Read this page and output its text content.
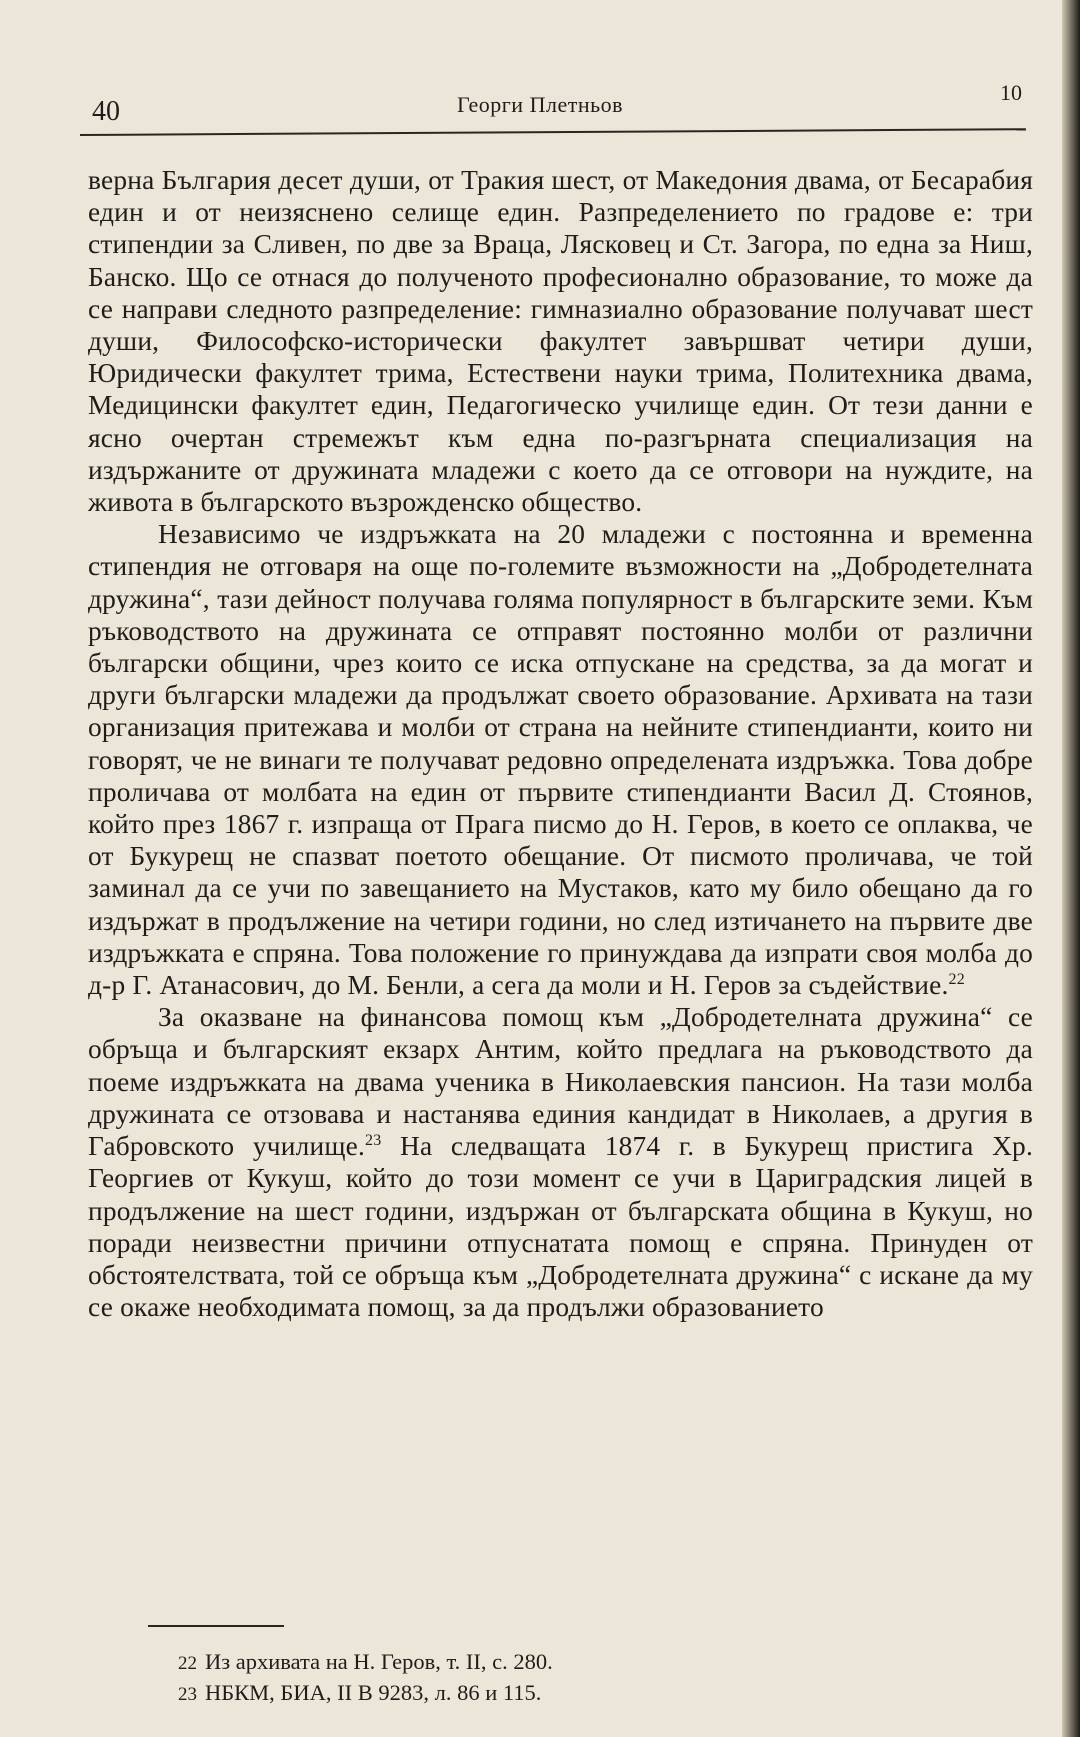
40	Георги Плетньов	10

верна България десет души, от Тракия шест, от Македония двама, от Бесарабия един и от неизяснено селище един. Разпределението по градове е: три стипендии за Сливен, по две за Враца, Лясковец и Ст. Загора, по една за Ниш, Банско. Що се отнася до полученото професионално образование, то може да се направи следното разпределение: гимназиално образование получават шест души, Философско-исторически факултет завършват четири души, Юридически факултет трима, Естествени науки трима, Политехника двама, Медицински факултет един, Педагогическо училище един. От тези данни е ясно очертан стремежът към една по-разгърната специализация на издържаните от дружината младежи с което да се отговори на нуждите, на живота в българското възрожденско общество.

Независимо че издръжката на 20 младежи с постоянна и временна стипендия не отговаря на още по-големите възможности на „Добродетелната дружина“, тази дейност получава голяма популярност в българските земи. Към ръководството на дружината се отправят постоянно молби от различни български общини, чрез които се иска отпускане на средства, за да могат и други български младежи да продължат своето образование. Архивата на тази организация притежава и молби от страна на нейните стипендианти, които ни говорят, че не винаги те получават редовно определената издръжка. Това добре проличава от молбата на един от първите стипендианти Васил Д. Стоянов, който през 1867 г. изпраща от Прага писмо до Н. Геров, в което се оплаква, че от Букурещ не спазват поетото обещание. От писмото проличава, че той заминал да се учи по завещанието на Мустаков, като му било обещано да го издържат в продължение на четири години, но след изтичането на първите две издръжката е спряна. Това положение го принуждава да изпрати своя молба до д-р Г. Атанасович, до М. Бенли, а сега да моли и Н. Геров за съдействие.$^{22}$

За оказване на финансова помощ към „Добродетелната дружина“ се обръща и българският екзарх Антим, който предлага на ръководството да поеме издръжката на двама ученика в Николаевския пансион. На тази молба дружината се отзовава и настанява единия кандидат в Николаев, а другия в Габровското училище.$^{23}$ На следващата 1874 г. в Букурещ пристига Хр. Георгиев от Кукуш, който до този момент се учи в Цариградския лицей в продължение на шест години, издържан от българската община в Кукуш, но поради неизвестни причини отпуснатата помощ е спряна. Принуден от обстоятелствата, той се обръща към „Добродетелната дружина“ с искане да му се окаже необходимата помощ, за да продължи образованието

22 Из архивата на Н. Геров, т. II, с. 280.
23 НБКМ, БИА, II В 9283, л. 86 и 115.
